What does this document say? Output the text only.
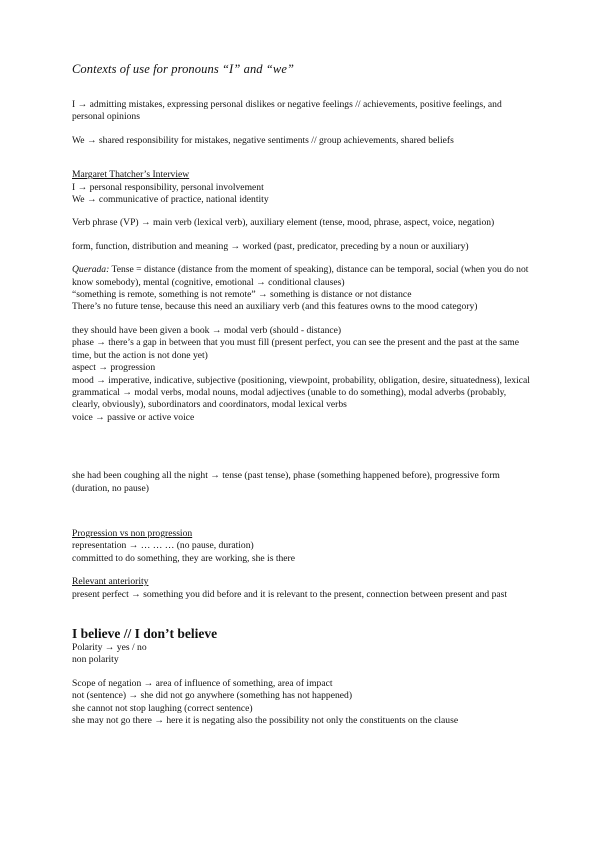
Contexts of use for pronouns “I” and “we”

I → admitting mistakes, expressing personal dislikes or negative feelings // achievements, positive feelings, and personal opinions

We → shared responsibility for mistakes, negative sentiments // group achievements, shared beliefs

Margaret Thatcher’s Interview

I → personal responsibility, personal involvement

We → communicative of practice, national identity

Verb phrase (VP) → main verb (lexical verb), auxiliary element (tense, mood, phrase, aspect, voice, negation)

form, function, distribution and meaning → worked (past, predicator, preceding by a noun or auxiliary)

Querada: Tense = distance (distance from the moment of speaking), distance can be temporal, social (when you do not know somebody), mental (cognitive, emotional → conditional clauses)

“something is remote, something is not remote” → something is distance or not distance

There’s no future tense, because this need an auxiliary verb (and this features owns to the mood category)

they should have been given a book → modal verb (should - distance)

phase → there’s a gap in between that you must fill (present perfect, you can see the present and the past at the same time, but the action is not done yet)

aspect → progression

mood → imperative, indicative, subjective (positioning, viewpoint, probability, obligation, desire, situatedness), lexical grammatical → modal verbs, modal nouns, modal adjectives (unable to do something), modal adverbs (probably, clearly, obviously), subordinators and coordinators, modal lexical verbs

voice → passive or active voice

she had been coughing all the night → tense (past tense), phase (something happened before), progressive form (duration, no pause)

Progression vs non progression

representation → … … … (no pause, duration)

committed to do something, they are working, she is there

Relevant anteriority

present perfect → something you did before and it is relevant to the present, connection between present and past

I believe // I don’t believe

Polarity → yes / no

non polarity

Scope of negation → area of influence of something, area of impact

not (sentence) → she did not go anywhere (something has not happened)

she cannot not stop laughing (correct sentence)

she may not go there → here it is negating also the possibility not only the constituents on the clause
